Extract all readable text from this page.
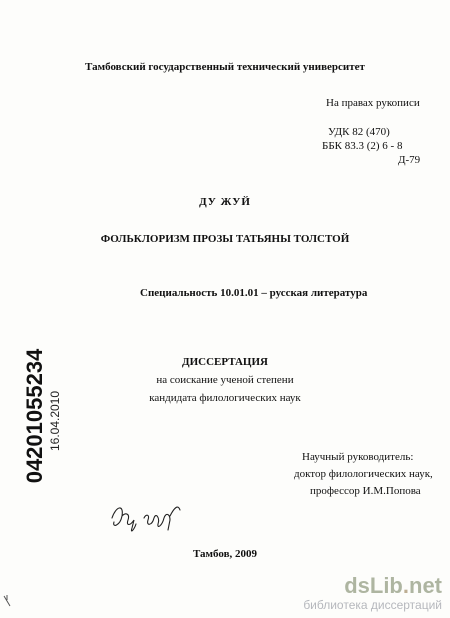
Тамбовский государственный технический университет
На правах рукописи
УДК 82 (470)
ББК 83.3 (2) 6 - 8
Д-79
ДУ ЖУЙ
ФОЛЬКЛОРИЗМ ПРОЗЫ ТАТЬЯНЫ ТОЛСТОЙ
Специальность 10.01.01 – русская литература
ДИССЕРТАЦИЯ
на соискание ученой степени
кандидата филологических наук
Научный руководитель:
доктор филологических наук,
профессор И.М.Попова
Тамбов, 2009
04201055234 16.04.2010
dsLib.net
библиотека диссертаций
